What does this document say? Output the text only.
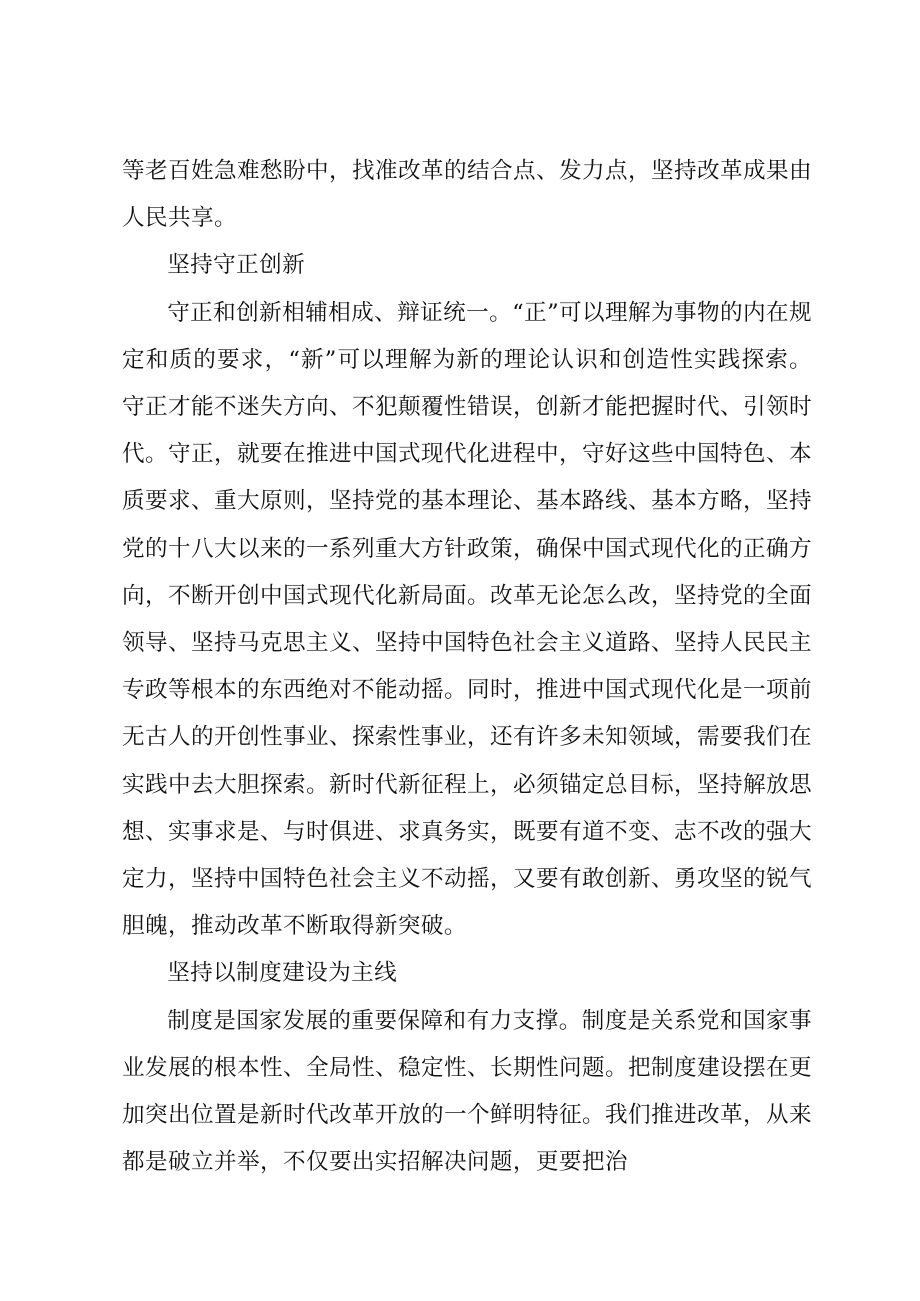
等老百姓急难愁盼中，找准改革的结合点、发力点，坚持改革成果由人民共享。

坚持守正创新

守正和创新相辅相成、辩证统一。“正”可以理解为事物的内在规定和质的要求，“新”可以理解为新的理论认识和创造性实践探索。守正才能不迷失方向、不犯颠覆性错误，创新才能把握时代、引领时代。守正，就要在推进中国式现代化进程中，守好这些中国特色、本质要求、重大原则，坚持党的基本理论、基本路线、基本方略，坚持党的十八大以来的一系列重大方针政策，确保中国式现代化的正确方向，不断开创中国式现代化新局面。改革无论怎么改，坚持党的全面领导、坚持马克思主义、坚持中国特色社会主义道路、坚持人民民主专政等根本的东西绝对不能动摇。同时，推进中国式现代化是一项前无古人的开创性事业、探索性事业，还有许多未知领域，需要我们在实践中去大胆探索。新时代新征程上，必须锚定总目标，坚持解放思想、实事求是、与时俱进、求真务实，既要有道不变、志不改的强大定力，坚持中国特色社会主义不动摇，又要有敢创新、勇攻坚的锐气胆魄，推动改革不断取得新突破。

坚持以制度建设为主线

制度是国家发展的重要保障和有力支撑。制度是关系党和国家事业发展的根本性、全局性、稳定性、长期性问题。把制度建设摆在更加突出位置是新时代改革开放的一个鲜明特征。我们推进改革，从来都是破立并举，不仅要出实招解决问题，更要把治
